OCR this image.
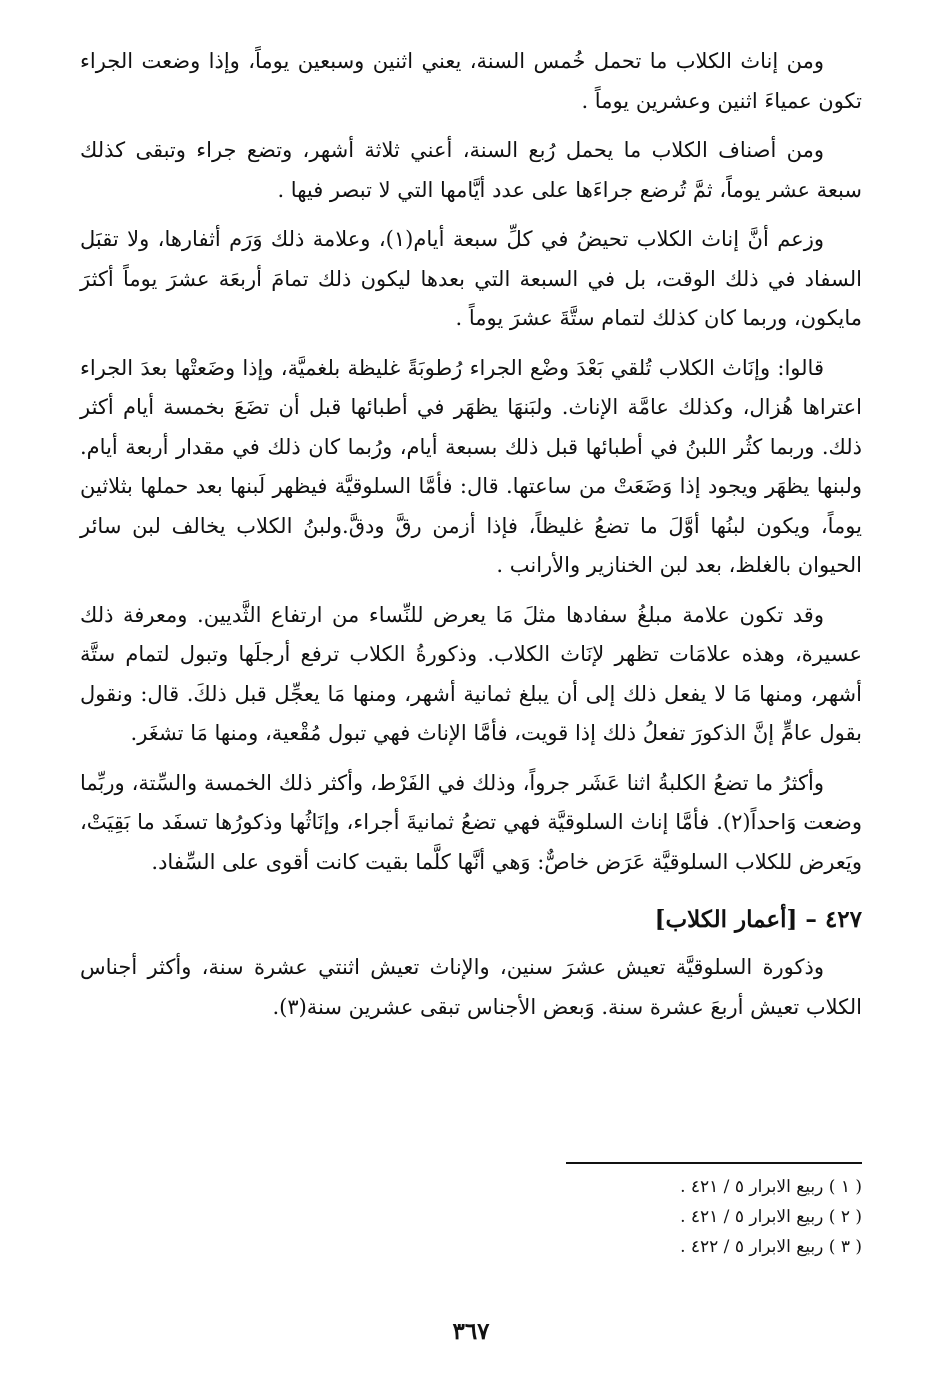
ومن إناث الكلاب ما تحمل خُمس السنة، يعني اثنين وسبعين يوماً، وإذا وضعت الجراء تكون عمياءَ اثنين وعشرين يوماً .

ومن أصناف الكلاب ما يحمل رُبع السنة، أعني ثلاثة أشهر، وتضع جراء وتبقى كذلك سبعة عشر يوماً، ثمَّ تُرضع جراءَها على عدد أيَّامها التي لا تبصر فيها .

وزعم أنَّ إناث الكلاب تحيضُ في كلِّ سبعة أيام(١)، وعلامة ذلك وَرَم أثفارها، ولا تقبَل السفاد في ذلك الوقت، بل في السبعة التي بعدها ليكون ذلك تمامَ أربعَة عشرَ يوماً أكثرَ مايكون، وربما كان كذلك لتمام ستَّةَ عشرَ يوماً .

قالوا: وإنَاث الكلاب تُلقي بَعْدَ وضْع الجراء رُطوبَةً غليظة بلغميَّة، وإذا وضَعتْها بعدَ الجراء اعتراها هُزال، وكذلك عامَّة الإناث. ولبَنهَا يظهَر في أطبائها قبل أن تضَعَ بخمسة أيام أكثر ذلك. وربما كثُر اللبنُ في أطبائها قبل ذلك بسبعة أيام، ورُبما كان ذلك في مقدار أربعة أيام. ولبنها يظهَر ويجود إذا وَضَعَتْ من ساعتها. قال: فأمَّا السلوقيَّة فيظهر لَبنها بعد حملها بثلاثين يوماً، ويكون لبنُها أوَّلَ ما تضعُ غليظاً، فإذا أزمن رقَّ ودقَّ.ولبنُ الكلاب يخالف لبن سائر الحيوان بالغلظ، بعد لبن الخنازير والأرانب .

وقد تكون علامة مبلغُ سفادها مثلَ مَا يعرض للنِّساء من ارتفاع الثَّديين. ومعرفة ذلك عسيرة، وهذه علامَات تظهر لإنَاث الكلاب. وذكورةُ الكلاب ترفع أرجلَها وتبول لتمام ستَّة أشهر، ومنها مَا لا يفعل ذلك إلى أن يبلغ ثمانية أشهر، ومنها مَا يعجِّل قبل ذلكَ. قال: ونقول بقول عامٍّ إنَّ الذكورَ تفعلُ ذلك إذا قويت، فأمَّا الإناث فهي تبول مُقْعية، ومنها مَا تشغَر.

وأكثرُ ما تضعُ الكلبةُ اثنا عَشَر جرواً، وذلك في الفَرْط، وأكثر ذلك الخمسة والسِّتة، وربِّما وضعت وَاحداً(٢). فأمَّا إناث السلوقيَّة فهي تضعُ ثمانيةَ أجراء، وإنَاثُها وذكورُها تسفَد ما بَقِيَتْ، ويَعرض للكلاب السلوقيَّة عَرَض خاصٌّ: وَهي أنَّها كلَّما بقيت كانت أقوى على السِّفاد.

٤٢٧ – [أعمار الكلاب]

وذكورة السلوقيَّة تعيش عشرَ سنين، والإناث تعيش اثنتي عشرة سنة، وأكثر أجناس الكلاب تعيش أربعَ عشرة سنة. وَبعض الأجناس تبقى عشرين سنة(٣).

( ١ ) ربيع الابرار ٥ / ٤٢١ .

( ٢ ) ربيع الابرار ٥ / ٤٢١ .

( ٣ ) ربيع الابرار ٥ / ٤٢٢ .

٣٦٧
